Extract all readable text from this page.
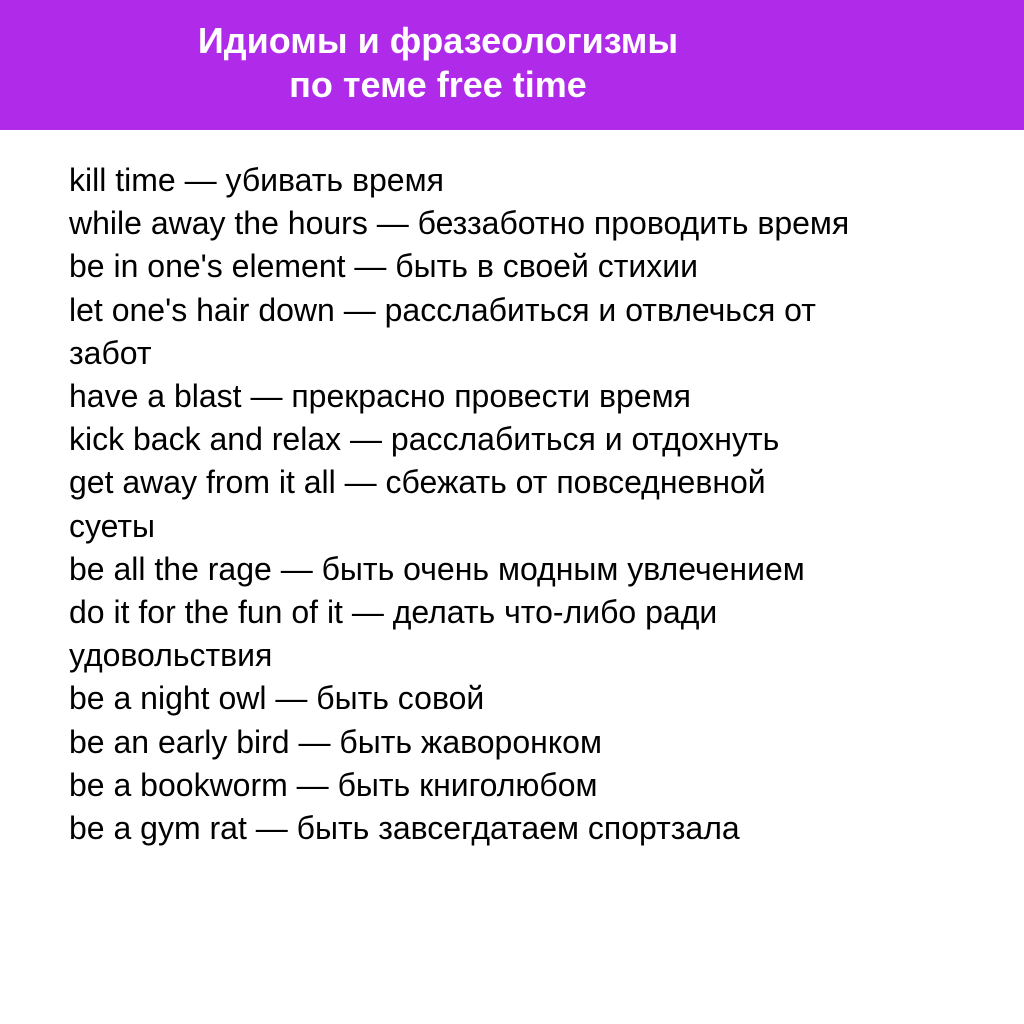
Идиомы и фразеологизмы
по теме free time
kill time — убивать время
while away the hours — беззаботно проводить время
be in one's element — быть в своей стихии
let one's hair down — расслабиться и отвлечься от забот
have a blast — прекрасно провести время
kick back and relax — расслабиться и отдохнуть
get away from it all — сбежать от повседневной суеты
be all the rage — быть очень модным увлечением
do it for the fun of it — делать что-либо ради удовольствия
be a night owl — быть совой
be an early bird — быть жаворонком
be a bookworm — быть книголюбом
be a gym rat — быть завсегдатаем спортзала
